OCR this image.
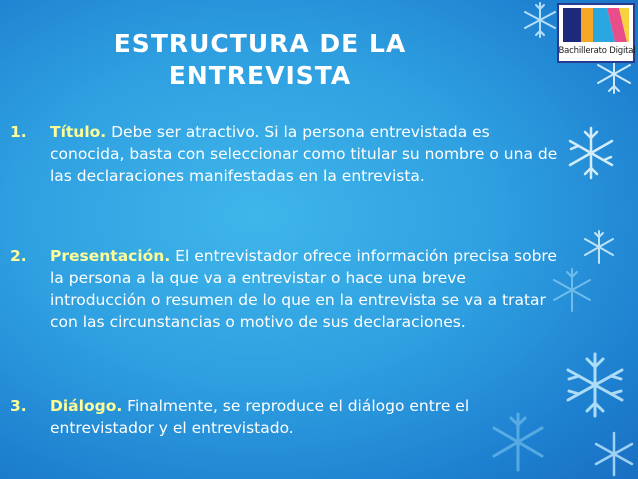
Bachillerato Digital
ESTRUCTURA DE LA
ENTREVISTA
1.	Título. Debe ser atractivo. Si la persona entrevistada es conocida, basta con seleccionar como titular su nombre o una de las declaraciones manifestadas en la entrevista.
2.	Presentación. El entrevistador ofrece información precisa sobre la persona a la que va a entrevistar o hace una breve introducción o resumen de lo que en la entrevista se va a tratar con las circunstancias o motivo de sus declaraciones.
3.	Diálogo. Finalmente, se reproduce el diálogo entre el entrevistador y el entrevistado.
